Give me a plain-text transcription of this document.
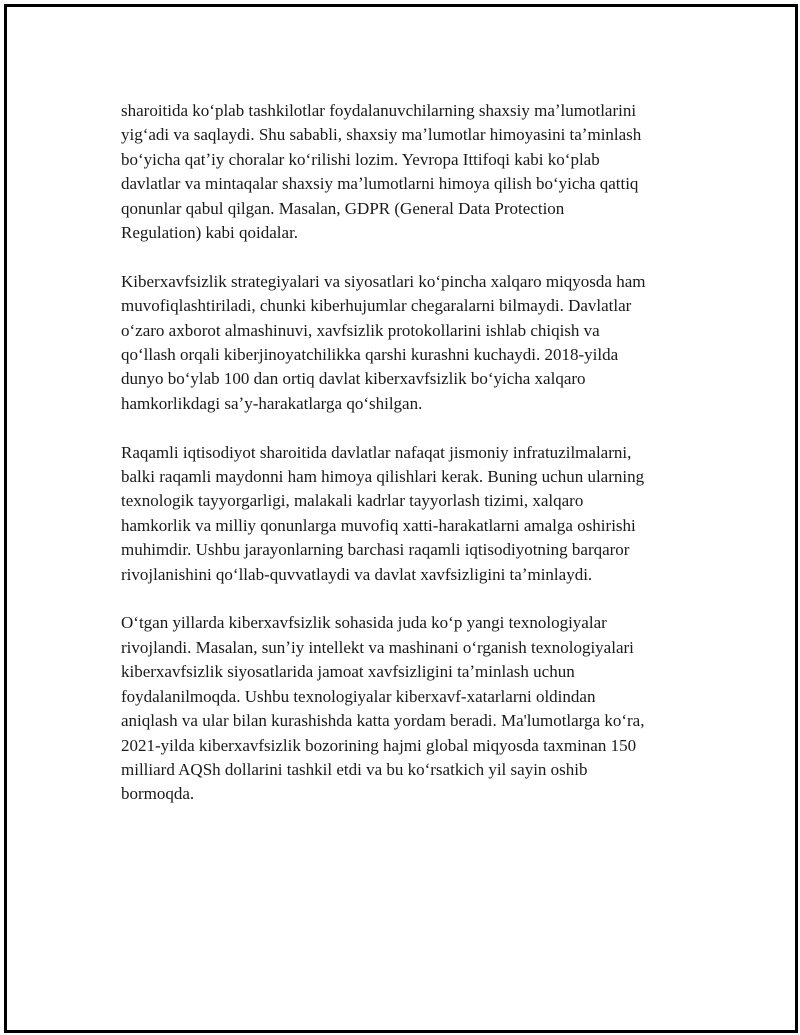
sharoitida koʻplab tashkilotlar foydalanuvchilarning shaxsiy maʼlumotlarini
yigʻadi va saqlaydi. Shu sababli, shaxsiy maʼlumotlar himoyasini taʼminlash
boʻyicha qatʼiy choralar koʻrilishi lozim. Yevropa Ittifoqi kabi koʻplab
davlatlar va mintaqalar shaxsiy maʼlumotlarni himoya qilish boʻyicha qattiq
qonunlar qabul qilgan. Masalan, GDPR (General Data Protection
Regulation) kabi qoidalar.

Kiberxavfsizlik strategiyalari va siyosatlari koʻpincha xalqaro miqyosda ham
muvofiqlashtiriladi, chunki kiberhujumlar chegaralarni bilmaydi. Davlatlar
oʻzaro axborot almashinuvi, xavfsizlik protokollarini ishlab chiqish va
qoʻllash orqali kiberjinoyatchilikka qarshi kurashni kuchaydi. 2018-yilda
dunyo boʻylab 100 dan ortiq davlat kiberxavfsizlik boʻyicha xalqaro
hamkorlikdagi saʼy-harakatlarga qoʻshilgan.

Raqamli iqtisodiyot sharoitida davlatlar nafaqat jismoniy infratuzilmalarni,
balki raqamli maydonni ham himoya qilishlari kerak. Buning uchun ularning
texnologik tayyorgarligi, malakali kadrlar tayyorlash tizimi, xalqaro
hamkorlik va milliy qonunlarga muvofiq xatti-harakatlarni amalga oshirishi
muhimdir. Ushbu jarayonlarning barchasi raqamli iqtisodiyotning barqaror
rivojlanishini qoʻllab-quvvatlaydi va davlat xavfsizligini taʼminlaydi.

Oʻtgan yillarda kiberxavfsizlik sohasida juda koʻp yangi texnologiyalar
rivojlandi. Masalan, sunʼiy intellekt va mashinani oʻrganish texnologiyalari
kiberxavfsizlik siyosatlarida jamoat xavfsizligini taʼminlash uchun
foydalanilmoqda. Ushbu texnologiyalar kiberxavf-xatarlarni oldindan
aniqlash va ular bilan kurashishda katta yordam beradi. Ma'lumotlarga koʻra,
2021-yilda kiberxavfsizlik bozorining hajmi global miqyosda taxminan 150
milliard AQSh dollarini tashkil etdi va bu koʻrsatkich yil sayin oshib
bormoqda.
